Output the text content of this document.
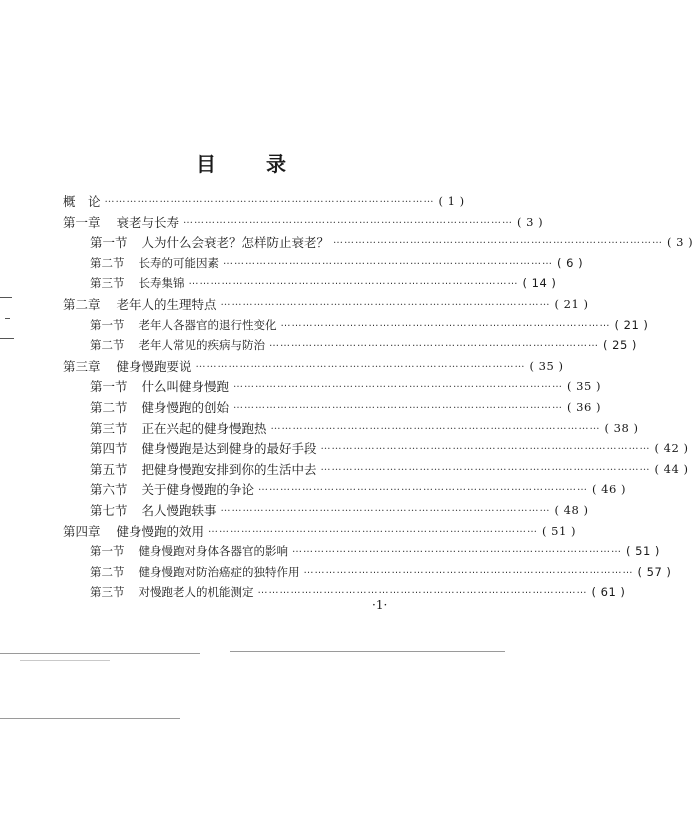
目	录
概　论 ……………………………………………………………………………… ( 1 )
第一章 衰老与长寿 ……………………………………………………………………………… ( 3 )
第一节 人为什么会衰老？怎样防止衰老？ ……………………………………………………………………………… ( 3 )
第二节 长寿的可能因素 ……………………………………………………………………………… ( 6 )
第三节 长寿集锦 ……………………………………………………………………………… ( 14 )
第二章 老年人的生理特点 ……………………………………………………………………………… ( 21 )
第一节 老年人各器官的退行性变化 ……………………………………………………………………………… ( 21 )
第二节 老年人常见的疾病与防治 ……………………………………………………………………………… ( 25 )
第三章 健身慢跑要说 ……………………………………………………………………………… ( 35 )
第一节 什么叫健身慢跑 ……………………………………………………………………………… ( 35 )
第二节 健身慢跑的创始 ……………………………………………………………………………… ( 36 )
第三节 正在兴起的健身慢跑热 ……………………………………………………………………………… ( 38 )
第四节 健身慢跑是达到健身的最好手段 ……………………………………………………………………………… ( 42 )
第五节 把健身慢跑安排到你的生活中去 ……………………………………………………………………………… ( 44 )
第六节 关于健身慢跑的争论 ……………………………………………………………………………… ( 46 )
第七节 名人慢跑轶事 ……………………………………………………………………………… ( 48 )
第四章 健身慢跑的效用 ……………………………………………………………………………… ( 51 )
第一节 健身慢跑对身体各器官的影响 ……………………………………………………………………………… ( 51 )
第二节 健身慢跑对防治癌症的独特作用 ……………………………………………………………………………… ( 57 )
第三节 对慢跑老人的机能测定 ……………………………………………………………………………… ( 61 )
·1·
